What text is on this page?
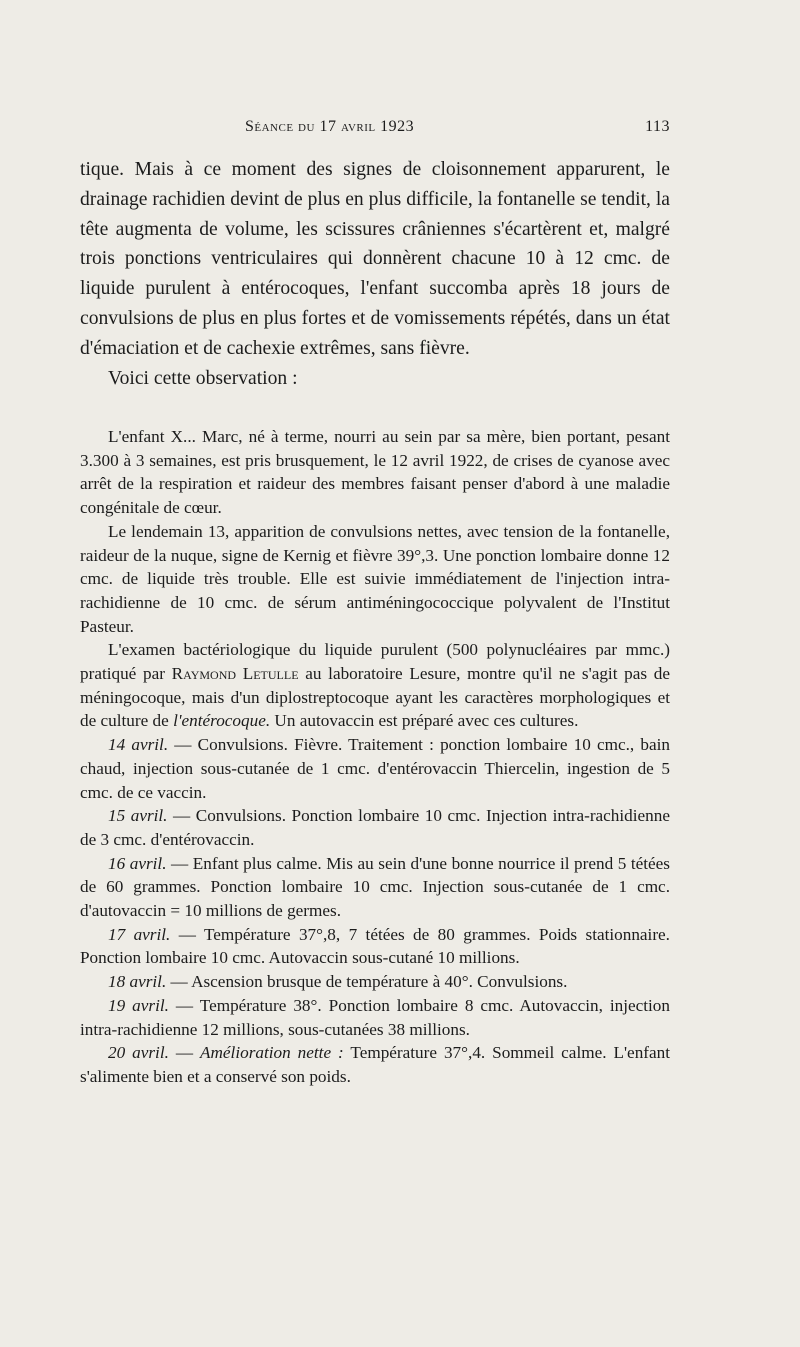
Séance du 17 avril 1923	113

tique. Mais à ce moment des signes de cloisonnement apparurent, le drainage rachidien devint de plus en plus difficile, la fontanelle se tendit, la tête augmenta de volume, les scissures crâniennes s'écartèrent et, malgré trois ponctions ventriculaires qui donnèrent chacune 10 à 12 cmc. de liquide purulent à entérocoques, l'enfant succomba après 18 jours de convulsions de plus en plus fortes et de vomissements répétés, dans un état d'émaciation et de cachexie extrêmes, sans fièvre.

Voici cette observation :

L'enfant X... Marc, né à terme, nourri au sein par sa mère, bien portant, pesant 3.300 à 3 semaines, est pris brusquement, le 12 avril 1922, de crises de cyanose avec arrêt de la respiration et raideur des membres faisant penser d'abord à une maladie congénitale de cœur.

Le lendemain 13, apparition de convulsions nettes, avec tension de la fontanelle, raideur de la nuque, signe de Kernig et fièvre 39°,3. Une ponction lombaire donne 12 cmc. de liquide très trouble. Elle est suivie immédiatement de l'injection intra-rachidienne de 10 cmc. de sérum antiméningococcique polyvalent de l'Institut Pasteur.

L'examen bactériologique du liquide purulent (500 polynucléaires par mmc.) pratiqué par Raymond Letulle au laboratoire Lesure, montre qu'il ne s'agit pas de méningocoque, mais d'un diplostreptocoque ayant les caractères morphologiques et de culture de l'entérocoque. Un autovaccin est préparé avec ces cultures.

14 avril. — Convulsions. Fièvre. Traitement : ponction lombaire 10 cmc., bain chaud, injection sous-cutanée de 1 cmc. d'entérovaccin Thiercelin, ingestion de 5 cmc. de ce vaccin.

15 avril. — Convulsions. Ponction lombaire 10 cmc. Injection intra-rachidienne de 3 cmc. d'entérovaccin.

16 avril. — Enfant plus calme. Mis au sein d'une bonne nourrice il prend 5 tétées de 60 grammes. Ponction lombaire 10 cmc. Injection sous-cutanée de 1 cmc. d'autovaccin = 10 millions de germes.

17 avril. — Température 37°,8, 7 tétées de 80 grammes. Poids stationnaire. Ponction lombaire 10 cmc. Autovaccin sous-cutané 10 millions.

18 avril. — Ascension brusque de température à 40°. Convulsions.

19 avril. — Température 38°. Ponction lombaire 8 cmc. Autovaccin, injection intra-rachidienne 12 millions, sous-cutanées 38 millions.

20 avril. — Amélioration nette : Température 37°,4. Sommeil calme. L'enfant s'alimente bien et a conservé son poids.
